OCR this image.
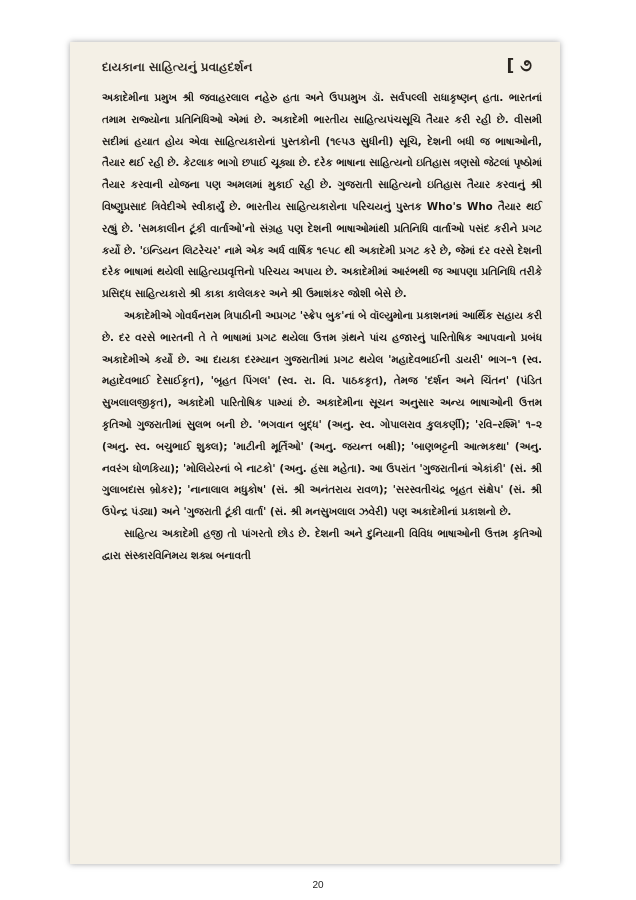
દાયકાના સાહિત્યનું પ્રવાહદર્શન	[ ૭

અકાદેમીના પ્રમુખ શ્રી જવાહરલાલ નહેરુ હતા અને ઉપપ્રમુખ ડૉ. સર્વપલ્લી રાધાકૃષ્ણન્ હતા. ભારતનાં તમામ રાજ્યોના પ્રતિનિધિઓ એમાં છે. અકાદેમી ભારતીય સાહિત્યપંચસૂચિ તૈયાર કરી રહી છે. વીસમી સદીમાં હયાત હોય એવા સાહિત્યકારોનાં પુસ્તકોની (૧૯૫૩ સુધીની) સૂચિ, દેશની બધી જ ભાષાઓની, તૈયાર થઈ રહી છે. કેટલાક ભાગો છપાઈ ચૂક્યા છે. દરેક ભાષાના સાહિત્યનો ઇતિહાસ ત્રણસો જેટલાં પૃષ્ઠોમાં તૈયાર કરવાની યોજના પણ અમલમાં મુકાઈ રહી છે. ગુજરાતી સાહિત્યનો ઇતિહાસ તૈયાર કરવાનું શ્રી વિષ્ણુપ્રસાદ ત્રિવેદીએ સ્વીકાર્યું છે. ભારતીય સાહિત્યકારોના પરિચયનું પુસ્તક Who's Who તૈયાર થઈ રહ્યું છે. 'સમકાલીન ટૂંકી વાર્તાઓ'નો સંગ્રહ પણ દેશની ભાષાઓમાંથી પ્રતિનિધિ વાર્તાઓ પસંદ કરીને પ્રગટ કર્યો છે. 'ઇન્ડિયન લિટરેચર' નામે એક અર્ધ વાર્ષિક ૧૯૫૮ થી અકાદેમી પ્રગટ કરે છે, જેમાં દર વરસે દેશની દરેક ભાષામાં થયેલી સાહિત્યપ્રવૃત્તિનો પરિચય અપાય છે. અકાદેમીમાં આરંભથી જ આપણા પ્રતિનિધિ તરીકે પ્રસિદ્ધ સાહિત્યકારો શ્રી કાકા કાલેલકર અને શ્રી ઉમાશંકર જોશી બેસે છે.

અકાદેમીએ ગોવર્ધનરામ ત્રિપાઠીની અપ્રગટ 'સ્ક્રેપ બુક'નાં બે વૉલ્યુમોના પ્રકાશનમાં આર્થિક સહાય કરી છે. દર વરસે ભારતની તે તે ભાષામાં પ્રગટ થયેલા ઉત્તમ ગ્રંથને પાંચ હજારનું પારિતોષિક આપવાનો પ્રબંધ અકાદેમીએ કર્યો છે. આ દાયકા દરમ્યાન ગુજરાતીમાં પ્રગટ થયેલ 'મહાદેવભાઈની ડાયરી' ભાગ–૧ (સ્વ. મહાદેવભાઈ દેસાઈકૃત), 'બૃહત પિંગલ' (સ્વ. રા. વિ. પાઠકકૃત), તેમજ 'દર્શન અને ચિંતન' (પંડિત સુખલાલજીકૃત), અકાદેમી પારિતોષિક પામ્યાં છે. અકાદેમીના સૂચન અનુસાર અન્ય ભાષાઓની ઉત્તમ કૃતિઓ ગુજરાતીમાં સુલભ બની છે. 'ભગવાન બુદ્ધ' (અનુ. સ્વ. ગોપાલરાવ કુલકર્ણી); 'રવિ–રશ્મિ' ૧–૨ (અનુ. સ્વ. બચુભાઈ શુક્લ); 'માટીની મૂર્તિઓ' (અનુ. જયન્ત બક્ષી); 'બાણભટ્ટની આત્મકથા' (અનુ. નવરંગ ધોળકિયા); 'મોલિયેરનાં બે નાટકો' (અનુ. હંસા મહેતા). આ ઉપરાંત 'ગુજરાતીનાં એકાંકી' (સં. શ્રી ગુલાબદાસ બ્રોકર); 'નાનાલાલ મધુકોષ' (સં. શ્રી અનંતરાય રાવળ); 'સરસ્વતીચંદ્ર બૃહત સંક્ષેપ' (સં. શ્રી ઉપેન્દ્ર પંડ્યા) અને 'ગુજરાતી ટૂંકી વાર્તા' (સં. શ્રી મનસુખલાલ ઝવેરી) પણ અકાદેમીનાં પ્રકાશનો છે.

સાહિત્ય અકાદેમી હજી તો પાંગરતો છોડ છે. દેશની અને દુનિયાની વિવિધ ભાષાઓની ઉત્તમ કૃતિઓ દ્વારા સંસ્કારવિનિમય શક્ય બનાવતી

20
